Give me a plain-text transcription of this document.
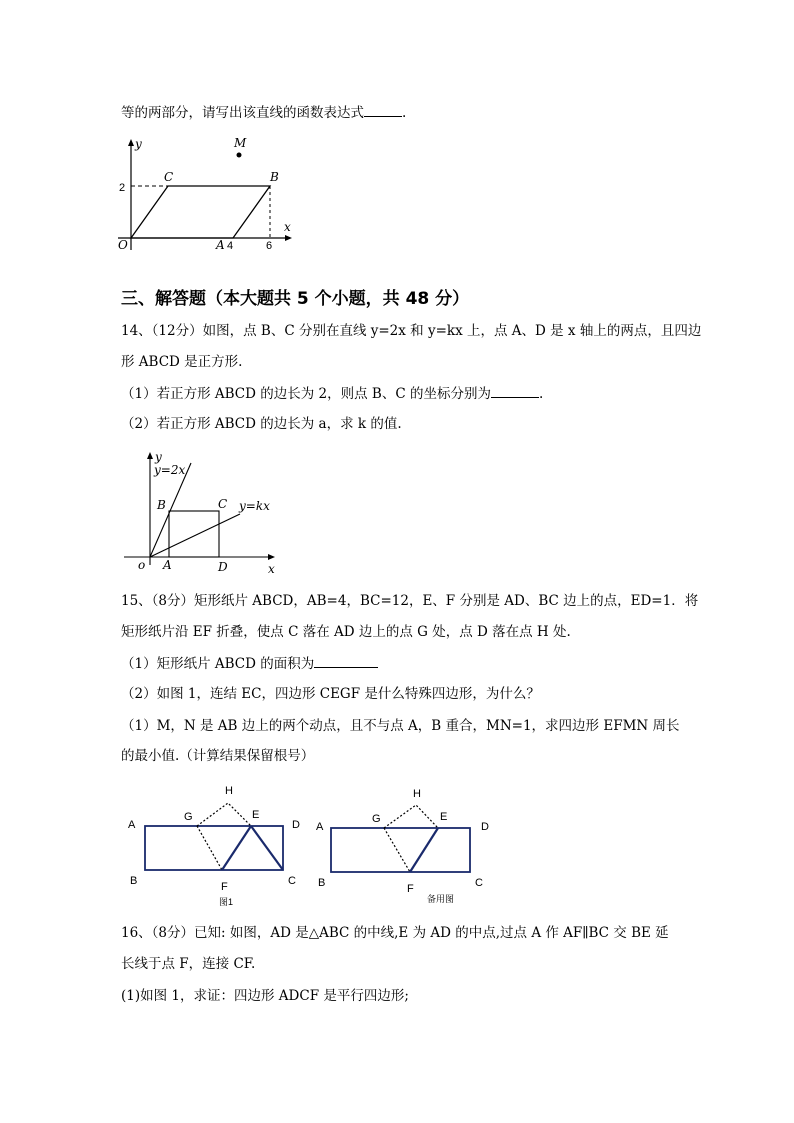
等的两部分，请写出该直线的函数表达式	.
y
x
O	A 4	6
2
C	B
M
三、解答题（本大题共 5 个小题，共 48 分）
14、（12分）如图，点 B、C 分别在直线 y=2x 和 y=kx 上，点 A、D 是 x 轴上的两点，且四边
形 ABCD 是正方形.
（1）若正方形 ABCD 的边长为 2，则点 B、C 的坐标分别为	.
（2）若正方形 ABCD 的边长为 a，求 k 的值.
y
y=2x
y=kx
B	C
o A	D	x
15、（8分）矩形纸片 ABCD，AB=4，BC=12，E、F 分别是 AD、BC 边上的点，ED=1．将
矩形纸片沿 EF 折叠，使点 C 落在 AD 边上的点 G 处，点 D 落在点 H 处.
（1）矩形纸片 ABCD 的面积为
（2）如图 1，连结 EC，四边形 CEGF 是什么特殊四边形，为什么？
（1）M，N 是 AB 边上的两个动点，且不与点 A，B 重合，MN=1，求四边形 EFMN 周长
的最小值.（计算结果保留根号）
A
G
H
E
D
B	F	C
图1
A
G
H
E
D
B	F	C
备用图
16、（8分）已知: 如图，AD 是△ABC 的中线,E 为 AD 的中点,过点 A 作 AF∥BC 交 BE 延
长线于点 F，连接 CF.
(1)如图 1，求证：四边形 ADCF 是平行四边形;
